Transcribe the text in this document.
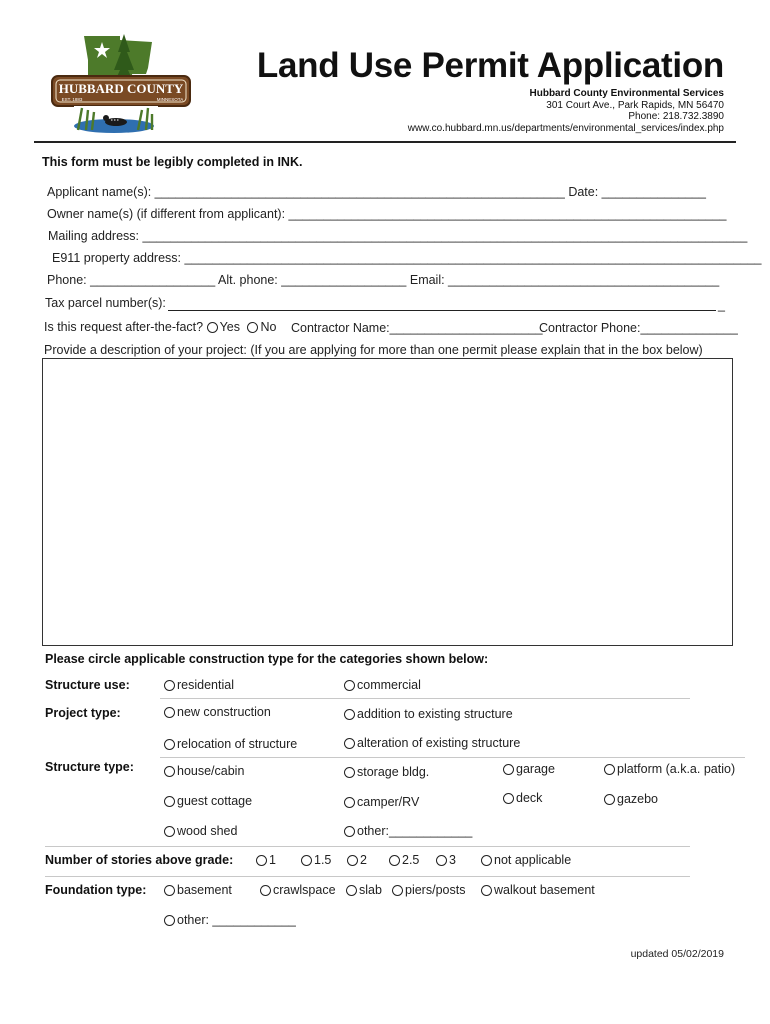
HUBBARD COUNTY
EST. 1883	MINNESOTA
Land Use Permit Application
Hubbard County Environmental Services
301 Court Ave., Park Rapids, MN 56470
Phone: 218.732.3890
www.co.hubbard.mn.us/departments/environmental_services/index.php
This form must be legibly completed in INK.
Applicant name(s): ___________________________________________________________ Date: _______________
Owner name(s) (if different from applicant): _______________________________________________________________
Mailing address: _______________________________________________________________________________________
E911 property address: ___________________________________________________________________________________
Phone: __________________ Alt. phone: __________________ Email: _______________________________________
Tax parcel number(s):	_
Is this request after-the-fact? Yes No Contractor Name:______________________
Contractor Phone:______________
Provide a description of your project: (If you are applying for more than one permit please explain that in the box below)
Please circle applicable construction type for the categories shown below:
Structure use:	residential	commercial
Project type:	new construction	addition to existing structure
relocation of structure	alteration of existing structure
Structure type:	house/cabin	storage bldg.	garage	platform (a.k.a. patio)
guest cottage	camper/RV	deck	gazebo
wood shed	other:____________
Number of stories above grade:	1	1.5	2	2.5	3	not applicable
Foundation type:	basement	crawlspace	slab	piers/posts	walkout basement
other: ____________
updated 05/02/2019
